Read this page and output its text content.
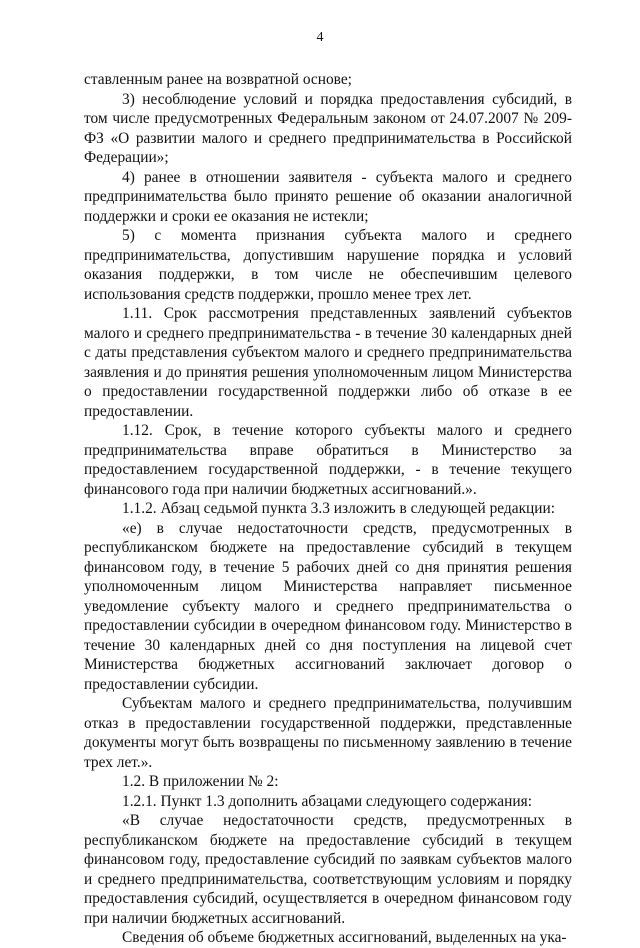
4

ставленным ранее на возвратной основе;

3) несоблюдение условий и порядка предоставления субсидий, в том числе предусмотренных Федеральным законом от 24.07.2007 № 209-ФЗ «О развитии малого и среднего предпринимательства в Российской Федерации»;

4) ранее в отношении заявителя - субъекта малого и среднего предпринимательства было принято решение об оказании аналогичной поддержки и сроки ее оказания не истекли;

5) с момента признания субъекта малого и среднего предпринимательства, допустившим нарушение порядка и условий оказания поддержки, в том числе не обеспечившим целевого использования средств поддержки, прошло менее трех лет.

1.11. Срок рассмотрения представленных заявлений субъектов малого и среднего предпринимательства - в течение 30 календарных дней с даты представления субъектом малого и среднего предпринимательства заявления и до принятия решения уполномоченным лицом Министерства о предоставлении государственной поддержки либо об отказе в ее предоставлении.

1.12. Срок, в течение которого субъекты малого и среднего предпринимательства вправе обратиться в Министерство за предоставлением государственной поддержки, - в течение текущего финансового года при наличии бюджетных ассигнований.».

1.1.2. Абзац седьмой пункта 3.3 изложить в следующей редакции:

«е) в случае недостаточности средств, предусмотренных в республиканском бюджете на предоставление субсидий в текущем финансовом году, в течение 5 рабочих дней со дня принятия решения уполномоченным лицом Министерства направляет письменное уведомление субъекту малого и среднего предпринимательства о предоставлении субсидии в очередном финансовом году. Министерство в течение 30 календарных дней со дня поступления на лицевой счет Министерства бюджетных ассигнований заключает договор о предоставлении субсидии.

Субъектам малого и среднего предпринимательства, получившим отказ в предоставлении государственной поддержки, представленные документы могут быть возвращены по письменному заявлению в течение трех лет.».

1.2. В приложении № 2:

1.2.1. Пункт 1.3 дополнить абзацами следующего содержания:

«В случае недостаточности средств, предусмотренных в республиканском бюджете на предоставление субсидий в текущем финансовом году, предоставление субсидий по заявкам субъектов малого и среднего предпринимательства, соответствующим условиям и порядку предоставления субсидий, осуществляется в очередном финансовом году при наличии бюджетных ассигнований.

Сведения об объеме бюджетных ассигнований, выделенных на ука-
